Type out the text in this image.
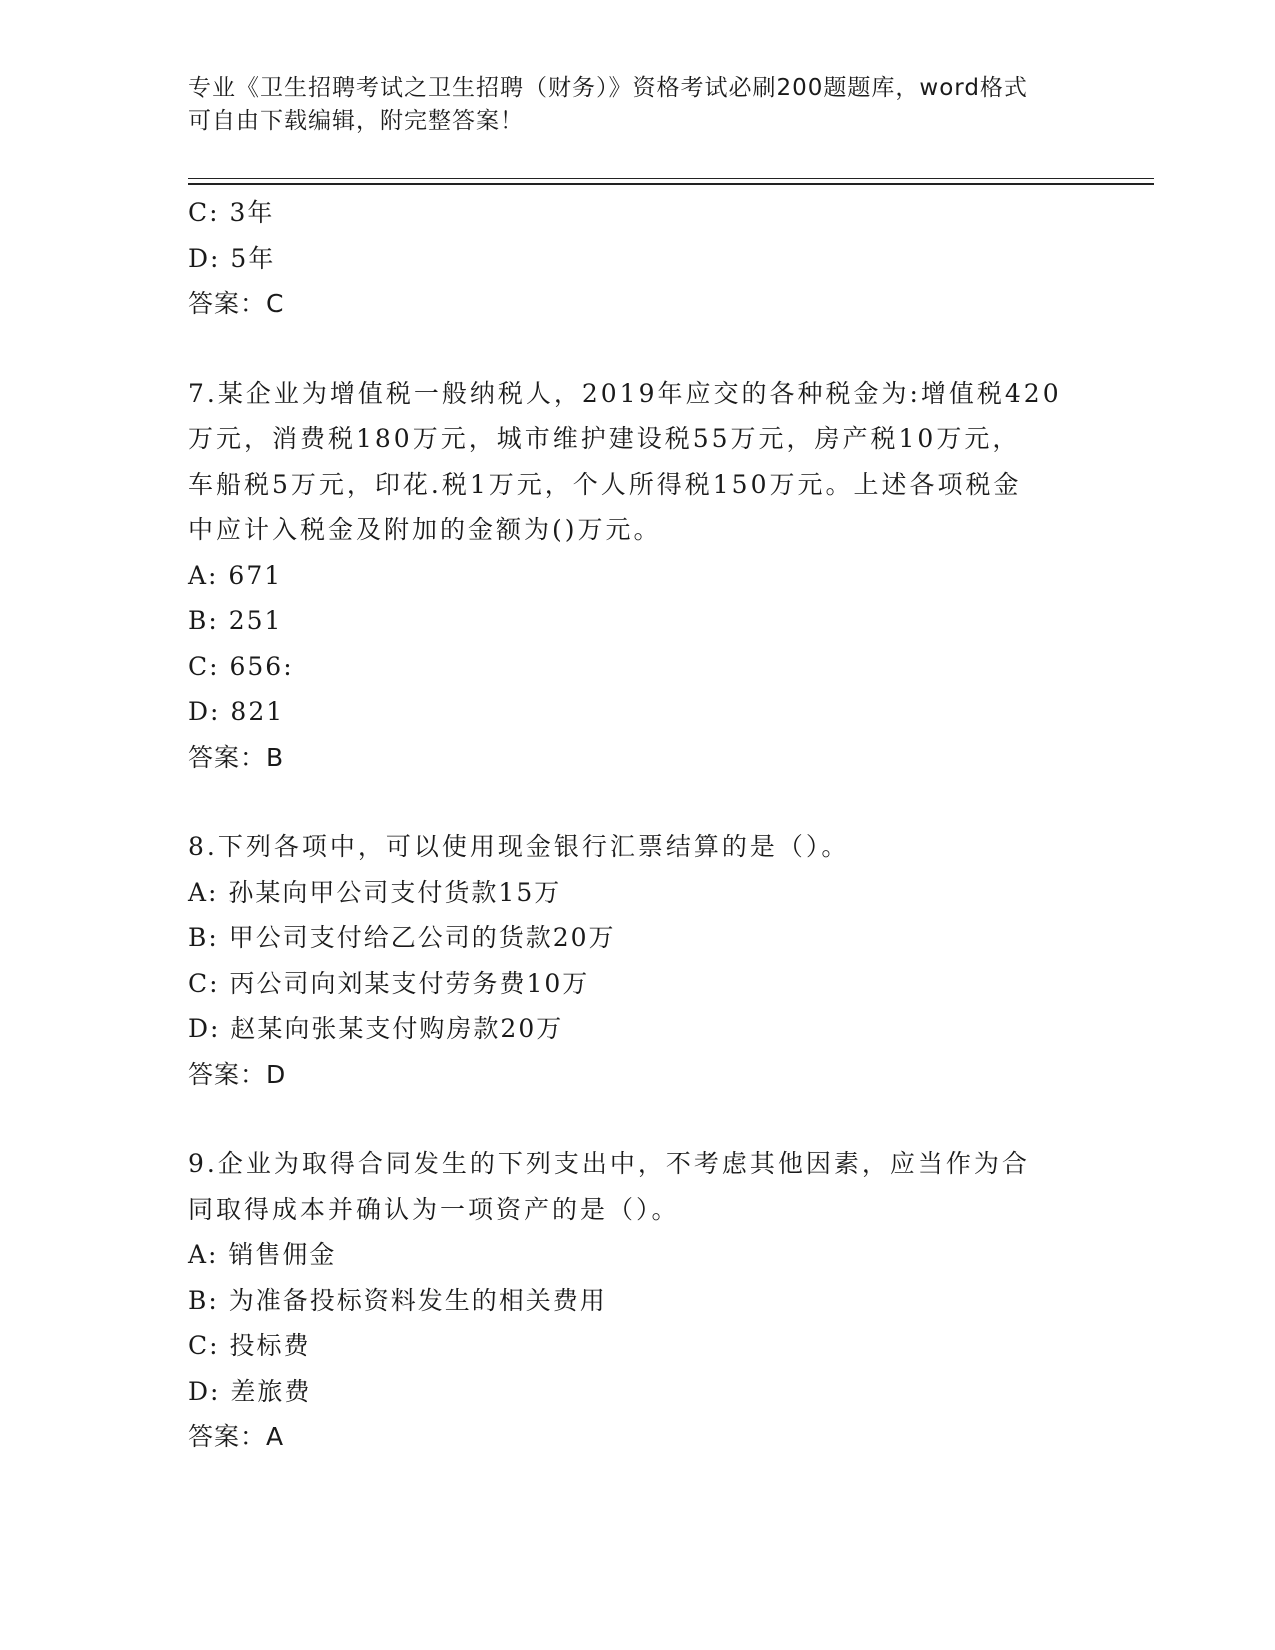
专业《卫生招聘考试之卫生招聘（财务）》资格考试必刷200题题库，word格式
可自由下载编辑，附完整答案！
C: 3年
D: 5年
答案：C
7.某企业为增值税一般纳税人，2019年应交的各种税金为:增值税420
万元，消费税180万元，城市维护建设税55万元，房产税10万元，
车船税5万元，印花.税1万元，个人所得税150万元。上述各项税金
中应计入税金及附加的金额为()万元。
A: 671
B: 251
C: 656:
D: 821
答案：B
8.下列各项中，可以使用现金银行汇票结算的是（）。
A: 孙某向甲公司支付货款15万
B: 甲公司支付给乙公司的货款20万
C: 丙公司向刘某支付劳务费10万
D: 赵某向张某支付购房款20万
答案：D
9.企业为取得合同发生的下列支出中，不考虑其他因素，应当作为合
同取得成本并确认为一项资产的是（）。
A: 销售佣金
B: 为准备投标资料发生的相关费用
C: 投标费
D: 差旅费
答案：A
